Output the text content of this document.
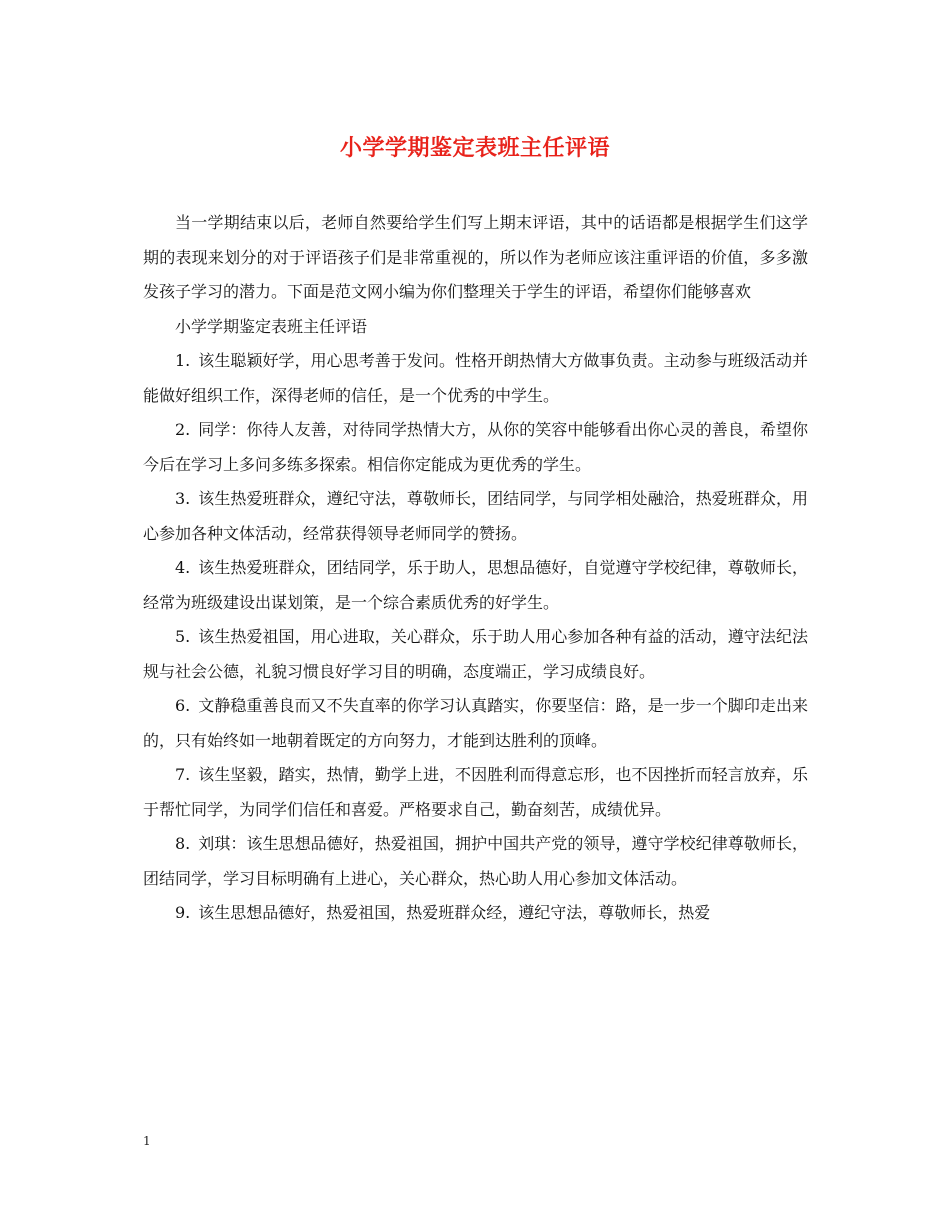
小学学期鉴定表班主任评语

当一学期结束以后，老师自然要给学生们写上期末评语，其中的话语都是根据学生们这学期的表现来划分的对于评语孩子们是非常重视的，所以作为老师应该注重评语的价值，多多激发孩子学习的潜力。下面是范文网小编为你们整理关于学生的评语，希望你们能够喜欢

小学学期鉴定表班主任评语

1. 该生聪颖好学，用心思考善于发问。性格开朗热情大方做事负责。主动参与班级活动并能做好组织工作，深得老师的信任，是一个优秀的中学生。

2. 同学：你待人友善，对待同学热情大方，从你的笑容中能够看出你心灵的善良，希望你今后在学习上多问多练多探索。相信你定能成为更优秀的学生。

3. 该生热爱班群众，遵纪守法，尊敬师长，团结同学，与同学相处融洽，热爱班群众，用心参加各种文体活动，经常获得领导老师同学的赞扬。

4. 该生热爱班群众，团结同学，乐于助人，思想品德好，自觉遵守学校纪律，尊敬师长，经常为班级建设出谋划策，是一个综合素质优秀的好学生。

5. 该生热爱祖国，用心进取，关心群众，乐于助人用心参加各种有益的活动，遵守法纪法规与社会公德，礼貌习惯良好学习目的明确，态度端正，学习成绩良好。

6. 文静稳重善良而又不失直率的你学习认真踏实，你要坚信：路，是一步一个脚印走出来的，只有始终如一地朝着既定的方向努力，才能到达胜利的顶峰。

7. 该生坚毅，踏实，热情，勤学上进，不因胜利而得意忘形，也不因挫折而轻言放弃，乐于帮忙同学，为同学们信任和喜爱。严格要求自己，勤奋刻苦，成绩优异。

8. 刘琪：该生思想品德好，热爱祖国，拥护中国共产党的领导，遵守学校纪律尊敬师长，团结同学，学习目标明确有上进心，关心群众，热心助人用心参加文体活动。

9. 该生思想品德好，热爱祖国，热爱班群众经，遵纪守法，尊敬师长，热爱

1
